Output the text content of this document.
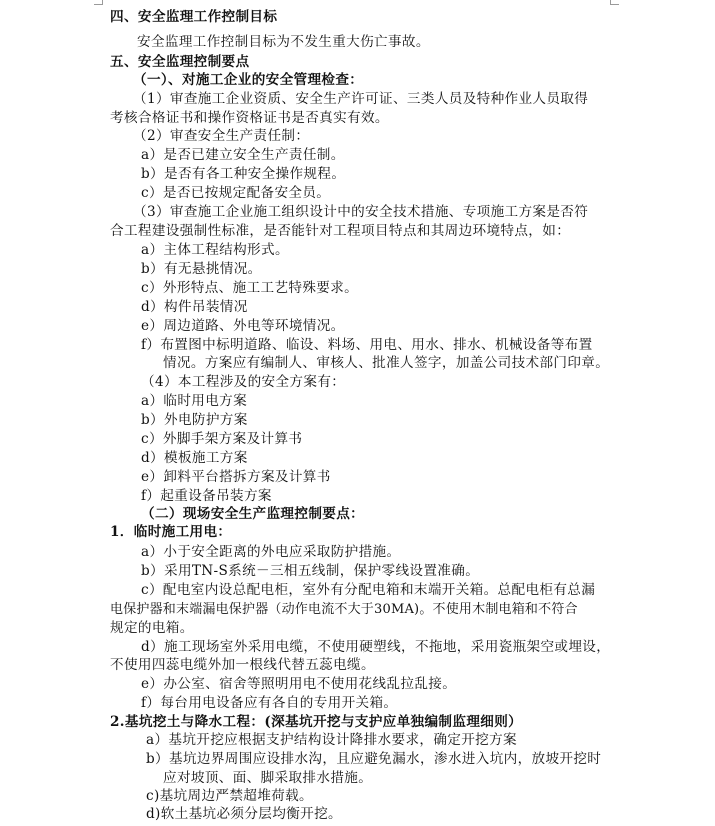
四、安全监理工作控制目标
安全监理工作控制目标为不发生重大伤亡事故。
五、安全监理控制要点
（一）、对施工企业的安全管理检查：
（1）审查施工企业资质、安全生产许可证、三类人员及特种作业人员取得
考核合格证书和操作资格证书是否真实有效。
（2）审查安全生产责任制：
a）是否已建立安全生产责任制。
b）是否有各工种安全操作规程。
c）是否已按规定配备安全员。
（3）审查施工企业施工组织设计中的安全技术措施、专项施工方案是否符
合工程建设强制性标准，是否能针对工程项目特点和其周边环境特点，如：
a）主体工程结构形式。
b）有无悬挑情况。
c）外形特点、施工工艺特殊要求。
d）构件吊装情况
e）周边道路、外电等环境情况。
f）布置图中标明道路、临设、料场、用电、用水、排水、机械设备等布置
情况。方案应有编制人、审核人、批准人签字，加盖公司技术部门印章。
（4）本工程涉及的安全方案有：
a）临时用电方案
b）外电防护方案
c）外脚手架方案及计算书
d）模板施工方案
e）卸料平台搭拆方案及计算书
f）起重设备吊装方案
（二）现场安全生产监理控制要点：
1．临时施工用电：
a）小于安全距离的外电应采取防护措施。
b）采用TN-S系统－三相五线制，保护零线设置准确。
c）配电室内设总配电柜，室外有分配电箱和末端开关箱。总配电柜有总漏
电保护器和末端漏电保护器（动作电流不大于30MA)。不使用木制电箱和不符合
规定的电箱。
d）施工现场室外采用电缆，不使用硬塑线，不拖地，采用瓷瓶架空或埋设，
不使用四蕊电缆外加一根线代替五蕊电缆。
e）办公室、宿舍等照明用电不使用花线乱拉乱接。
f）每台用电设备应有各自的专用开关箱。
2.基坑挖土与降水工程：(深基坑开挖与支护应单独编制监理细则）
a）基坑开挖应根据支护结构设计降排水要求，确定开挖方案
b）基坑边界周围应设排水沟，且应避免漏水，渗水进入坑内，放坡开挖时
应对坡顶、面、脚采取排水措施。
c)基坑周边严禁超堆荷载。
d)软土基坑必须分层均衡开挖。
